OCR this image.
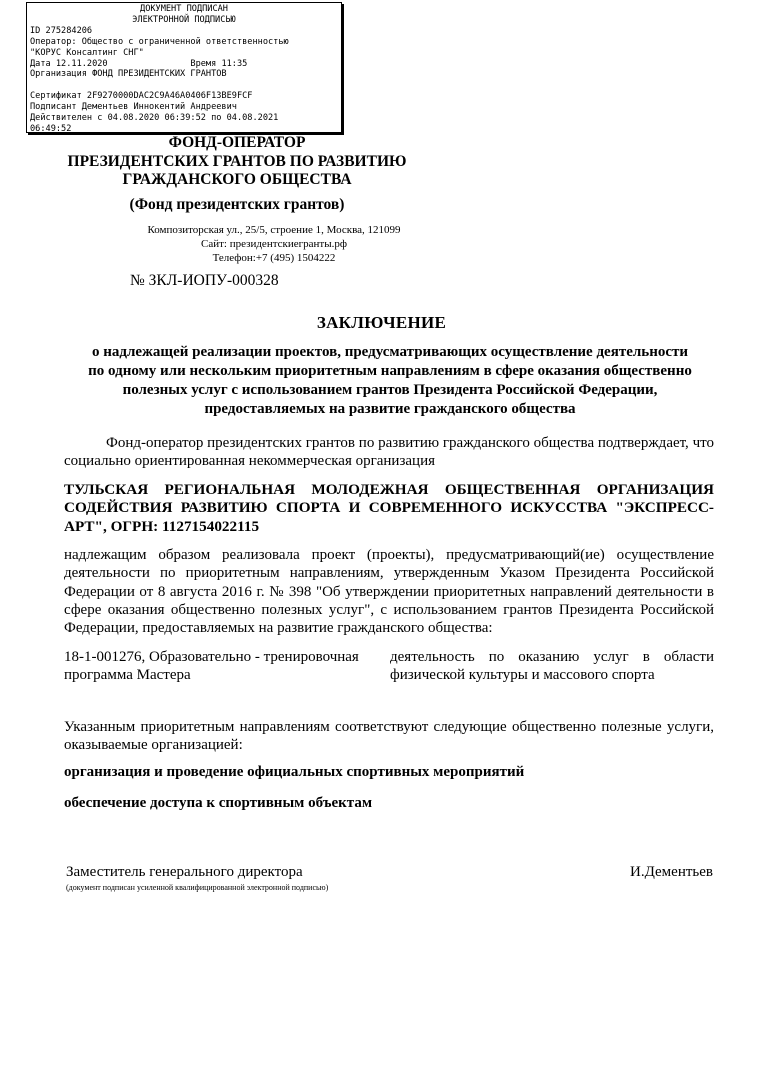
ДОКУМЕНТ ПОДПИСАН
ЭЛЕКТРОННОЙ ПОДПИСЬЮ
ID 275284206
Оператор: Общество с ограниченной ответственностью
"КОРУС Консалтинг СНГ"
Дата 12.11.2020	Время 11:35
Организация ФОНД ПРЕЗИДЕНТСКИХ ГРАНТОВ

Сертификат 2F9270000DAC2C9A46A0406F13BE9FCF
Подписант Дементьев Иннокентий Андреевич
Действителен с 04.08.2020 06:39:52 по 04.08.2021
06:49:52
ФОНД-ОПЕРАТОР
ПРЕЗИДЕНТСКИХ ГРАНТОВ ПО РАЗВИТИЮ
ГРАЖДАНСКОГО ОБЩЕСТВА
(Фонд президентских грантов)
Композиторская ул., 25/5, строение 1, Москва, 121099
Сайт: президентскиегранты.рф
Телефон:+7 (495) 1504222
№ ЗКЛ-ИОПУ-000328
ЗАКЛЮЧЕНИЕ
о надлежащей реализации проектов, предусматривающих осуществление деятельности
по одному или нескольким приоритетным направлениям в сфере оказания общественно
полезных услуг с использованием грантов Президента Российской Федерации,
предоставляемых на развитие гражданского общества
Фонд-оператор президентских грантов по развитию гражданского общества подтверждает, что социально ориентированная некоммерческая организация
ТУЛЬСКАЯ РЕГИОНАЛЬНАЯ МОЛОДЕЖНАЯ ОБЩЕСТВЕННАЯ ОРГАНИЗАЦИЯ СОДЕЙСТВИЯ РАЗВИТИЮ СПОРТА И СОВРЕМЕННОГО ИСКУССТВА "ЭКСПРЕСС-АРТ", ОГРН: 1127154022115
надлежащим образом реализовала проект (проекты), предусматривающий(ие) осуществление деятельности по приоритетным направлениям, утвержденным Указом Президента Российской Федерации от 8 августа 2016 г. № 398 "Об утверждении приоритетных направлений деятельности в сфере оказания общественно полезных услуг", с использованием грантов Президента Российской Федерации, предоставляемых на развитие гражданского общества:
18-1-001276, Образовательно - тренировочная программа Мастера
деятельность по оказанию услуг в области физической культуры и массового спорта
Указанным приоритетным направлениям соответствуют следующие общественно полезные услуги, оказываемые организацией:
организация и проведение официальных спортивных мероприятий
обеспечение доступа к спортивным объектам
Заместитель генерального директора
(документ подписан усиленной квалифицированной электронной подписью)
И.Дементьев
